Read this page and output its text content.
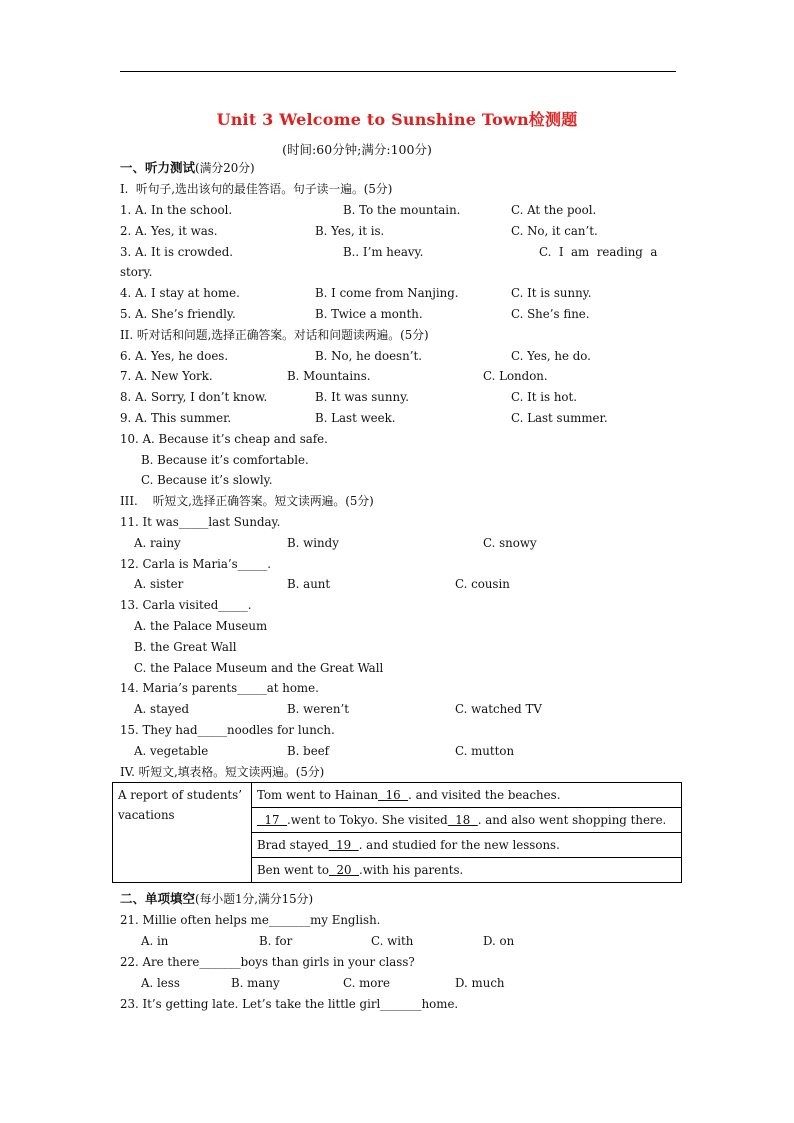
Unit 3 Welcome to Sunshine Town检测题
(时间:60分钟;满分:100分)
一、听力测试(满分20分)
I.  听句子,选出该句的最佳答语。句子读一遍。(5分)
1. A. In the school.	B. To the mountain.	C. At the pool.
2. A. Yes, it was.	B. Yes, it is.	C. No, it can’t.
3. A. It is crowded.	B.. I’m heavy.	C.  I  am  reading  a
story.
4. A. I stay at home.	B. I come from Nanjing.	C. It is sunny.
5. A. She’s friendly.	B. Twice a month.	C. She’s fine.
II. 听对话和问题,选择正确答案。对话和问题读两遍。(5分)
6. A. Yes, he does.	B. No, he doesn’t.	C. Yes, he do.
7. A. New York.	B. Mountains.	C. London.
8. A. Sorry, I don’t know.	B. It was sunny.	C. It is hot.
9. A. This summer.	B. Last week.	C. Last summer.
10. A. Because it’s cheap and safe.
B. Because it’s comfortable.
C. Because it’s slowly.
III.    听短文,选择正确答案。短文读两遍。(5分)
11. It was_____last Sunday.
A. rainy	B. windy	C. snowy
12. Carla is Maria’s_____.
A. sister	B. aunt	C. cousin
13. Carla visited_____.
A. the Palace Museum
B. the Great Wall
C. the Palace Museum and the Great Wall
14. Maria’s parents_____at home.
A. stayed	B. weren’t	C. watched TV
15. They had_____noodles for lunch.
A. vegetable	B. beef	C. mutton
IV. 听短文,填表格。短文读两遍。(5分)
A report of students’ vacations	Tom went to Hainan  16  . and visited the beaches.
17  .went to Tokyo. She visited  18  . and also went shopping there.
Brad stayed  19  . and studied for the new lessons.
Ben went to  20  .with his parents.
二、单项填空(每小题1分,满分15分)
21. Millie often helps me_______my English.
A. in	B. for	C. with	D. on
22. Are there_______boys than girls in your class?
A. less	B. many	C. more	D. much
23. It’s getting late. Let’s take the little girl_______home.
